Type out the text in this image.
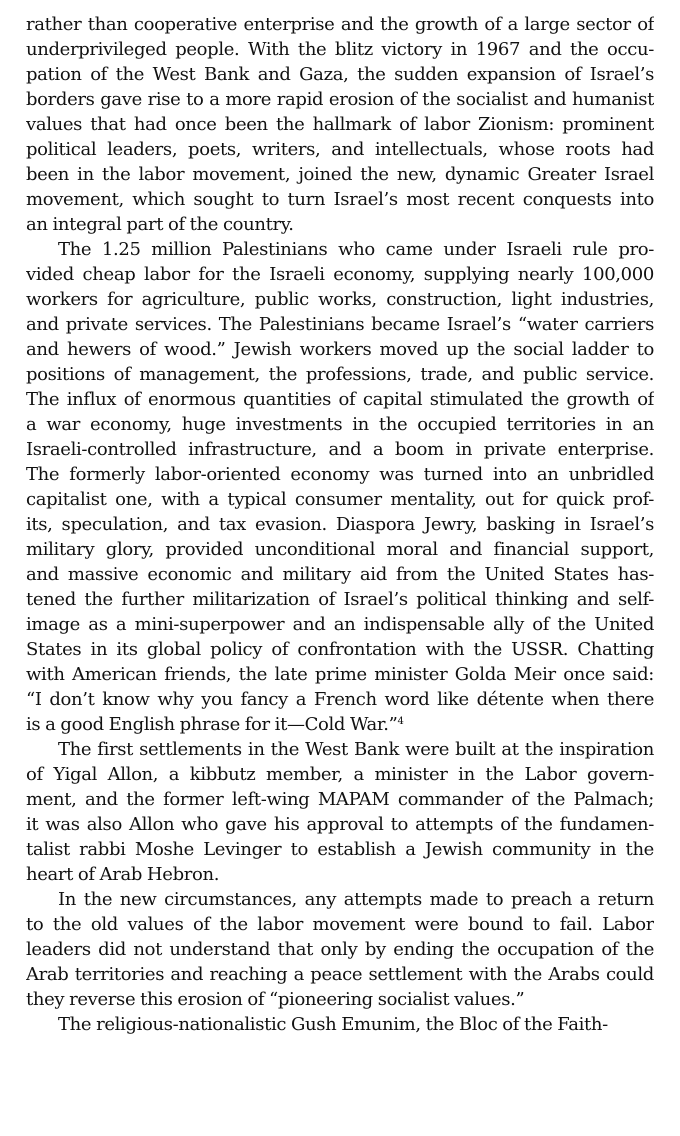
rather than cooperative enterprise and the growth of a large sector of
underprivileged people. With the blitz victory in 1967 and the occu-
pation of the West Bank and Gaza, the sudden expansion of Israel’s
borders gave rise to a more rapid erosion of the socialist and humanist
values that had once been the hallmark of labor Zionism: prominent
political leaders, poets, writers, and intellectuals, whose roots had
been in the labor movement, joined the new, dynamic Greater Israel
movement, which sought to turn Israel’s most recent conquests into
an integral part of the country.
The 1.25 million Palestinians who came under Israeli rule pro-
vided cheap labor for the Israeli economy, supplying nearly 100,000
workers for agriculture, public works, construction, light industries,
and private services. The Palestinians became Israel’s “water carriers
and hewers of wood.” Jewish workers moved up the social ladder to
positions of management, the professions, trade, and public service.
The influx of enormous quantities of capital stimulated the growth of
a war economy, huge investments in the occupied territories in an
Israeli-controlled infrastructure, and a boom in private enterprise.
The formerly labor-oriented economy was turned into an unbridled
capitalist one, with a typical consumer mentality, out for quick prof-
its, speculation, and tax evasion. Diaspora Jewry, basking in Israel’s
military glory, provided unconditional moral and financial support,
and massive economic and military aid from the United States has-
tened the further militarization of Israel’s political thinking and self-
image as a mini-superpower and an indispensable ally of the United
States in its global policy of confrontation with the USSR. Chatting
with American friends, the late prime minister Golda Meir once said:
“I don’t know why you fancy a French word like détente when there
is a good English phrase for it—Cold War.”$^4$
The first settlements in the West Bank were built at the inspiration
of Yigal Allon, a kibbutz member, a minister in the Labor govern-
ment, and the former left-wing MAPAM commander of the Palmach;
it was also Allon who gave his approval to attempts of the fundamen-
talist rabbi Moshe Levinger to establish a Jewish community in the
heart of Arab Hebron.
In the new circumstances, any attempts made to preach a return
to the old values of the labor movement were bound to fail. Labor
leaders did not understand that only by ending the occupation of the
Arab territories and reaching a peace settlement with the Arabs could
they reverse this erosion of “pioneering socialist values.”
The religious-nationalistic Gush Emunim, the Bloc of the Faith-
